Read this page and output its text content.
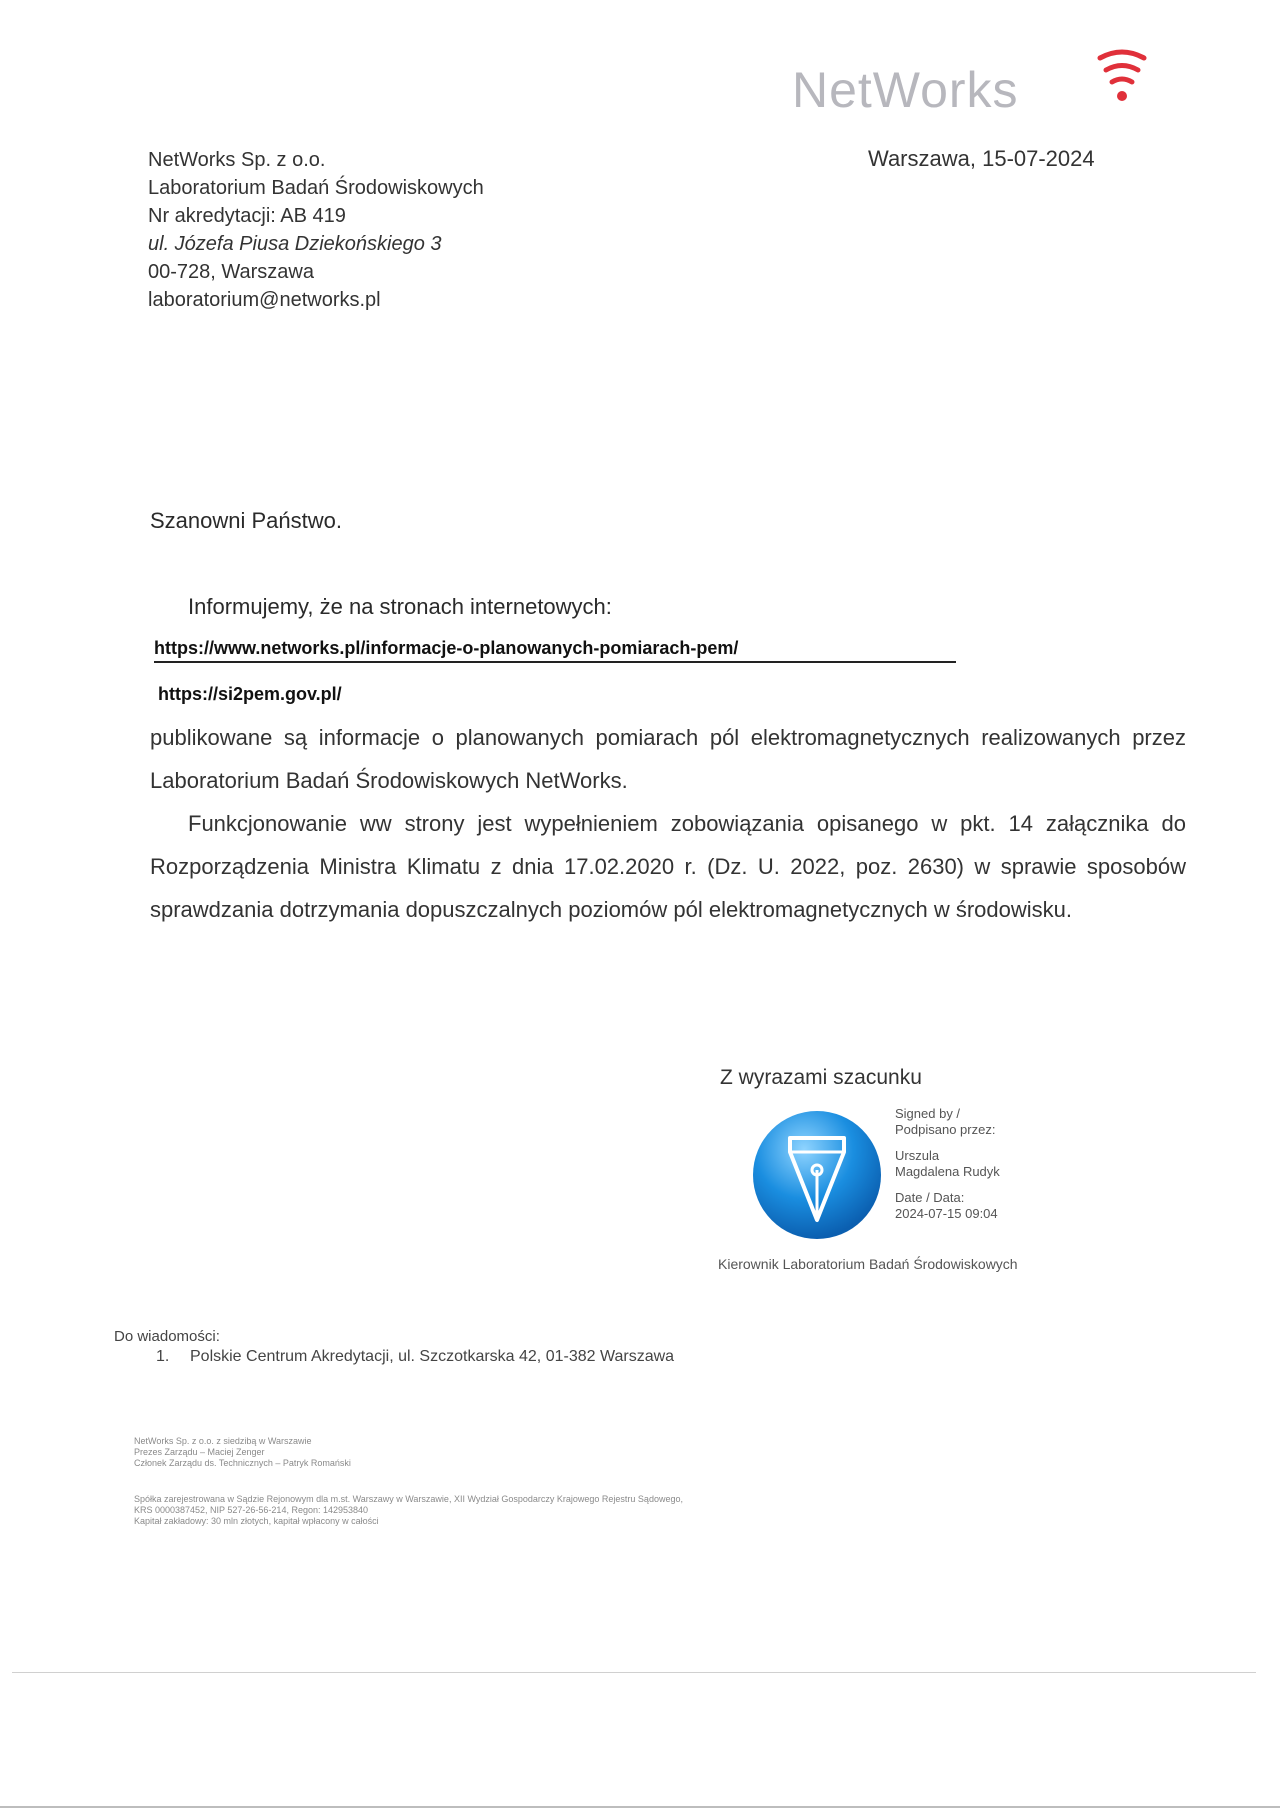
NetWorks
Warszawa, 15-07-2024
NetWorks Sp. z o.o.
Laboratorium Badań Środowiskowych
Nr akredytacji: AB 419
ul. Józefa Piusa Dziekońskiego 3
00-728, Warszawa
laboratorium@networks.pl
Szanowni Państwo.
Informujemy, że na stronach internetowych:
https://www.networks.pl/informacje-o-planowanych-pomiarach-pem/
https://si2pem.gov.pl/
publikowane są informacje o planowanych pomiarach pól elektromagnetycznych realizowanych przez Laboratorium Badań Środowiskowych NetWorks.
Funkcjonowanie ww strony jest wypełnieniem zobowiązania opisanego w pkt. 14 załącznika do Rozporządzenia Ministra Klimatu z dnia 17.02.2020 r. (Dz. U. 2022, poz. 2630) w sprawie sposobów sprawdzania dotrzymania dopuszczalnych poziomów pól elektromagnetycznych w środowisku.
Z wyrazami szacunku
Signed by /
Podpisano przez:
Urszula
Magdalena Rudyk
Date / Data:
2024-07-15 09:04
Kierownik Laboratorium Badań Środowiskowych
Do wiadomości:
1. Polskie Centrum Akredytacji, ul. Szczotkarska 42, 01-382 Warszawa
NetWorks Sp. z o.o. z siedzibą w Warszawie
Prezes Zarządu – Maciej Zenger
Członek Zarządu ds. Technicznych – Patryk Romański
Spółka zarejestrowana w Sądzie Rejonowym dla m.st. Warszawy w Warszawie, XII Wydział Gospodarczy Krajowego Rejestru Sądowego,
KRS 0000387452, NIP 527-26-56-214, Regon: 142953840
Kapitał zakładowy: 30 mln złotych, kapitał wpłacony w całości
